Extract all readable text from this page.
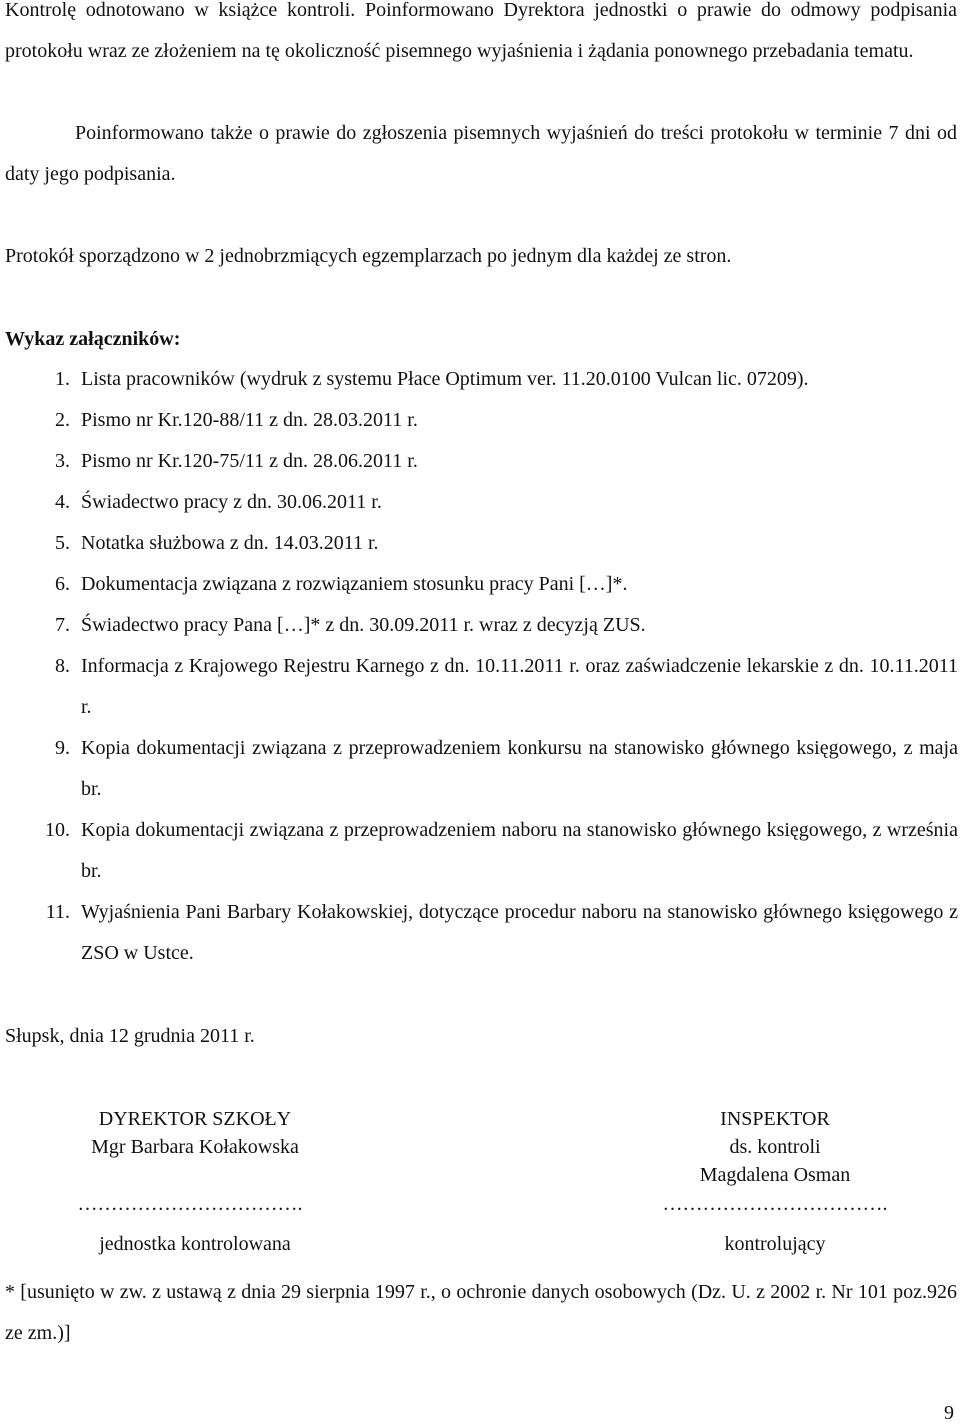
Kontrolę odnotowano w książce kontroli. Poinformowano Dyrektora jednostki o prawie do odmowy podpisania protokołu wraz ze złożeniem na tę okoliczność pisemnego wyjaśnienia i żądania ponownego przebadania tematu.
Poinformowano także o prawie do zgłoszenia pisemnych wyjaśnień do treści protokołu w terminie 7 dni od daty jego podpisania.
Protokół sporządzono w 2 jednobrzmiących egzemplarzach po jednym dla każdej ze stron.
Wykaz załączników:
1. Lista pracowników (wydruk z systemu Płace Optimum ver. 11.20.0100 Vulcan lic. 07209).
2. Pismo nr Kr.120-88/11 z dn. 28.03.2011 r.
3. Pismo nr Kr.120-75/11 z dn. 28.06.2011 r.
4. Świadectwo pracy z dn. 30.06.2011 r.
5. Notatka służbowa z dn. 14.03.2011 r.
6. Dokumentacja związana z rozwiązaniem stosunku pracy Pani […]*.
7. Świadectwo pracy Pana […]* z dn. 30.09.2011 r. wraz z decyzją ZUS.
8. Informacja z Krajowego Rejestru Karnego z dn. 10.11.2011 r. oraz zaświadczenie lekarskie z dn. 10.11.2011 r.
9. Kopia dokumentacji związana z przeprowadzeniem konkursu na stanowisko głównego księgowego, z maja br.
10. Kopia dokumentacji związana z przeprowadzeniem naboru na stanowisko głównego księgowego, z września br.
11. Wyjaśnienia Pani Barbary Kołakowskiej, dotyczące procedur naboru na stanowisko głównego księgowego z ZSO w Ustce.
Słupsk, dnia 12 grudnia 2011 r.
DYREKTOR SZKOŁY
Mgr Barbara Kołakowska
…………………………….
jednostka kontrolowana
INSPEKTOR
ds. kontroli
Magdalena Osman
…………………………….
kontrolujący
* [usunięto w zw. z ustawą z dnia 29 sierpnia 1997 r., o ochronie danych osobowych (Dz. U. z 2002 r. Nr 101 poz.926 ze zm.)]
9
